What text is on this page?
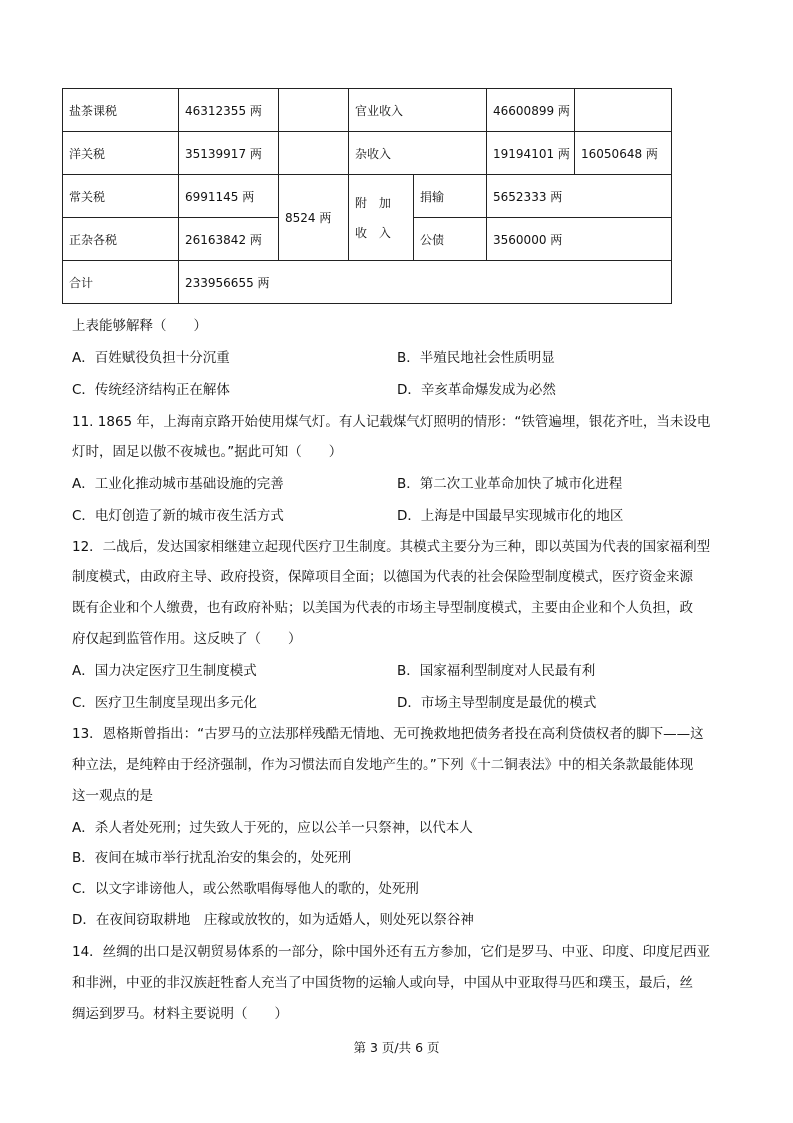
盐茶课税	46312355 两		官业收入		46600899 两	
洋关税	35139917 两		杂收入		19194101 两	16050648 两
常关税	6991145 两	8524 两	附 加 收 入	捐输	5652333 两	
正杂各税	26163842 两			公债	3560000 两	
合计	233956655 两					
上表能够解释（　　）
A．百姓赋役负担十分沉重	B．半殖民地社会性质明显
C．传统经济结构正在解体	D．辛亥革命爆发成为必然
11. 1865 年，上海南京路开始使用煤气灯。有人记载煤气灯照明的情形：“铁管遍埋，银花齐吐，当未设电
灯时，固足以傲不夜城也。”据此可知（　　）
A．工业化推动城市基础设施的完善	B．第二次工业革命加快了城市化进程
C．电灯创造了新的城市夜生活方式	D．上海是中国最早实现城市化的地区
12．二战后，发达国家相继建立起现代医疗卫生制度。其模式主要分为三种，即以英国为代表的国家福利型
制度模式，由政府主导、政府投资，保障项目全面；以德国为代表的社会保险型制度模式，医疗资金来源
既有企业和个人缴费，也有政府补贴；以美国为代表的市场主导型制度模式，主要由企业和个人负担，政
府仅起到监管作用。这反映了（　　）
A．国力决定医疗卫生制度模式	B．国家福利型制度对人民最有利
C．医疗卫生制度呈现出多元化	D．市场主导型制度是最优的模式
13．恩格斯曾指出：“古罗马的立法那样残酷无情地、无可挽救地把债务者投在高利贷债权者的脚下——这
种立法，是纯粹由于经济强制，作为习惯法而自发地产生的。”下列《十二铜表法》中的相关条款最能体现
这一观点的是
A．杀人者处死刑；过失致人于死的，应以公羊一只祭神，以代本人
B．夜间在城市举行扰乱治安的集会的，处死刑
C．以文字诽谤他人，或公然歌唱侮辱他人的歌的，处死刑
D．在夜间窃取耕地　庄稼或放牧的，如为适婚人，则处死以祭谷神
14．丝绸的出口是汉朝贸易体系的一部分，除中国外还有五方参加，它们是罗马、中亚、印度、印度尼西亚
和非洲，中亚的非汉族赶牲畜人充当了中国货物的运输人或向导，中国从中亚取得马匹和璞玉，最后，丝
绸运到罗马。材料主要说明（　　）
第 3 页/共 6 页
